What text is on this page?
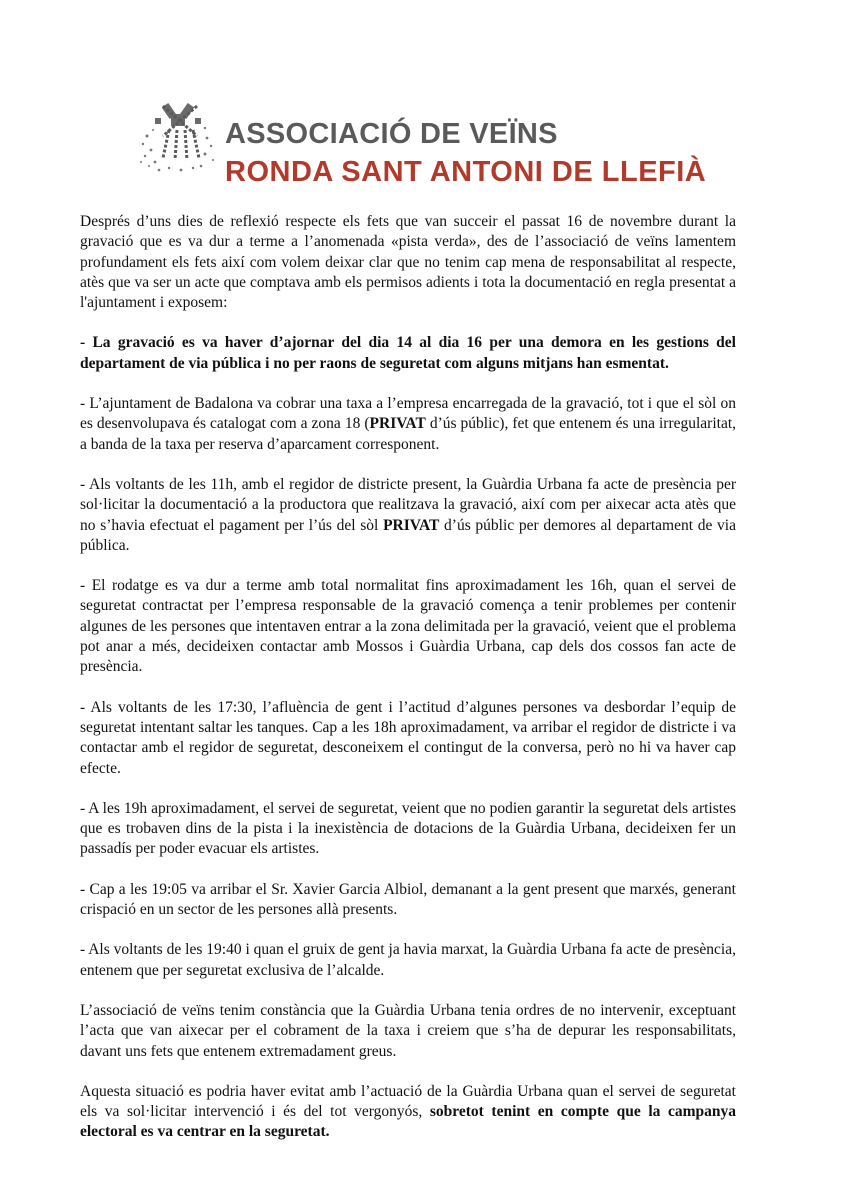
ASSOCIACIÓ DE VEÏNS
RONDA SANT ANTONI DE LLEFIÀ

Després d’uns dies de reflexió respecte els fets que van succeir el passat 16 de novembre durant la gravació que es va dur a terme a l’anomenada «pista verda», des de l’associació de veïns lamentem profundament els fets així com volem deixar clar que no tenim cap mena de responsabilitat al respecte, atès que va ser un acte que comptava amb els permisos adients i tota la documentació en regla presentat a l'ajuntament i exposem:

- La gravació es va haver d’ajornar del dia 14 al dia 16 per una demora en les gestions del departament de via pública i no per raons de seguretat com alguns mitjans han esmentat.

- L’ajuntament de Badalona va cobrar una taxa a l’empresa encarregada de la gravació, tot i que el sòl on es desenvolupava és catalogat com a zona 18 (PRIVAT d’ús públic), fet que entenem és una irregularitat, a banda de la taxa per reserva d’aparcament corresponent.

- Als voltants de les 11h, amb el regidor de districte present, la Guàrdia Urbana fa acte de presència per sol·licitar la documentació a la productora que realitzava la gravació, així com per aixecar acta atès que no s’havia efectuat el pagament per l’ús del sòl PRIVAT d’ús públic per demores al departament de via pública.

- El rodatge es va dur a terme amb total normalitat fins aproximadament les 16h, quan el servei de seguretat contractat per l’empresa responsable de la gravació comença a tenir problemes per contenir algunes de les persones que intentaven entrar a la zona delimitada per la gravació, veient que el problema pot anar a més, decideixen contactar amb Mossos i Guàrdia Urbana, cap dels dos cossos fan acte de presència.

- Als voltants de les 17:30, l’afluència de gent i l’actitud d’algunes persones va desbordar l’equip de seguretat intentant saltar les tanques. Cap a les 18h aproximadament, va arribar el regidor de districte i va contactar amb el regidor de seguretat, desconeixem el contingut de la conversa, però no hi va haver cap efecte.

- A les 19h aproximadament, el servei de seguretat, veient que no podien garantir la seguretat dels artistes que es trobaven dins de la pista i la inexistència de dotacions de la Guàrdia Urbana, decideixen fer un passadís per poder evacuar els artistes.

- Cap a les 19:05 va arribar el Sr. Xavier Garcia Albiol, demanant a la gent present que marxés, generant crispació en un sector de les persones allà presents.

- Als voltants de les 19:40 i quan el gruix de gent ja havia marxat, la Guàrdia Urbana fa acte de presència, entenem que per seguretat exclusiva de l’alcalde.

L’associació de veïns tenim constància que la Guàrdia Urbana tenia ordres de no intervenir, exceptuant l’acta que van aixecar per el cobrament de la taxa i creiem que s’ha de depurar les responsabilitats, davant uns fets que entenem extremadament greus.

Aquesta situació es podria haver evitat amb l’actuació de la Guàrdia Urbana quan el servei de seguretat els va sol·licitar intervenció i és del tot vergonyós, sobretot tenint en compte que la campanya electoral es va centrar en la seguretat.
